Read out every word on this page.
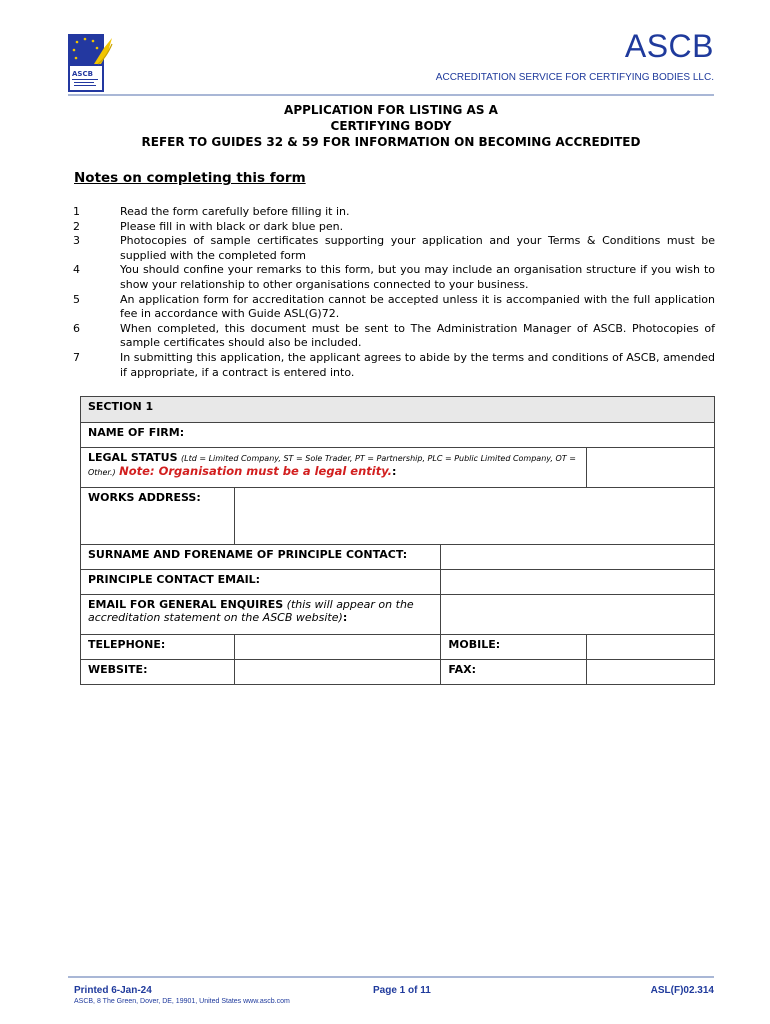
ASCB
ASCB
ACCREDITATION SERVICE FOR CERTIFYING BODIES LLC.
APPLICATION FOR LISTING AS A
CERTIFYING BODY
REFER TO GUIDES 32 & 59 FOR INFORMATION ON BECOMING ACCREDITED
Notes on completing this form
1	Read the form carefully before filling it in.
2	Please fill in with black or dark blue pen.
3	Photocopies of sample certificates supporting your application and your Terms & Conditions must be supplied with the completed form
4	You should confine your remarks to this form, but you may include an organisation structure if you wish to show your relationship to other organisations connected to your business.
5	An application form for accreditation cannot be accepted unless it is accompanied with the full application fee in accordance with Guide ASL(G)72.
6	When completed, this document must be sent to The Administration Manager of ASCB. Photocopies of sample certificates should also be included.
7	In submitting this application, the applicant agrees to abide by the terms and conditions of ASCB, amended if appropriate, if a contract is entered into.
SECTION 1			
NAME OF FIRM:			
LEGAL STATUS (Ltd = Limited Company, ST = Sole Trader, PT = Partnership, PLC = Public Limited Company, OT = Other.) Note: Organisation must be a legal entity.:			
WORKS ADDRESS:			
SURNAME AND FORENAME OF PRINCIPLE CONTACT:			
PRINCIPLE CONTACT EMAIL:			
EMAIL FOR GENERAL ENQUIRES (this will appear on the accreditation statement on the ASCB website):			
TELEPHONE:		MOBILE:	
WEBSITE:		FAX:	
Printed 6-Jan-24	Page 1 of 11	ASL(F)02.314
ASCB, 8 The Green, Dover, DE, 19901, United States www.ascb.com
